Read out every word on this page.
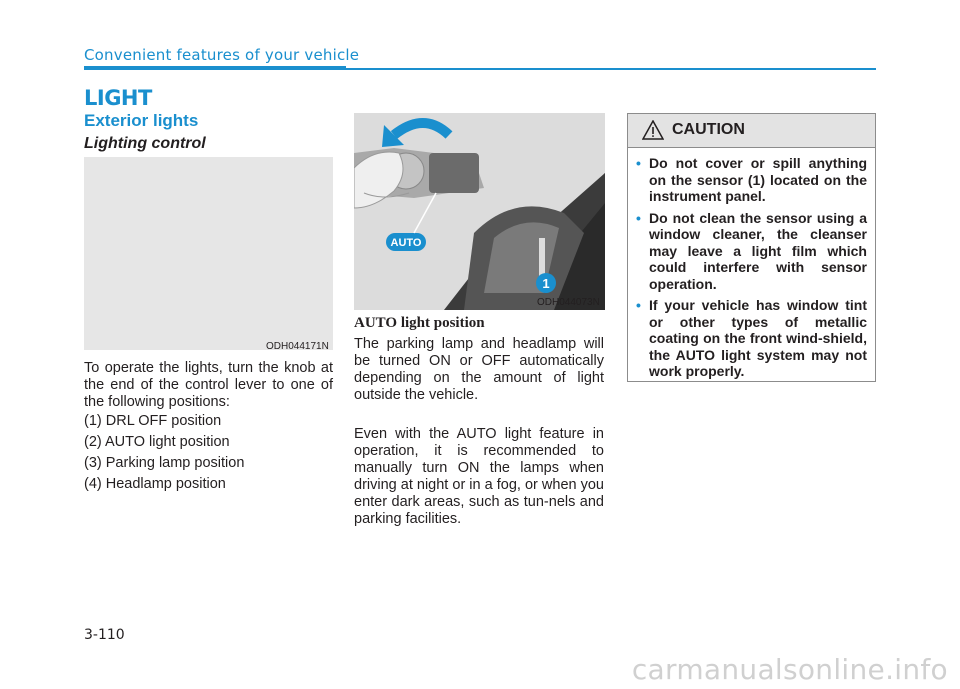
Convenient features of your vehicle
LIGHT
Exterior lights
Lighting control
ODH044171N
To operate the lights, turn the knob at the end of the control lever to one of the following positions:
(1) DRL OFF position
(2) AUTO light position
(3) Parking lamp position
(4) Headlamp position
AUTO
1
ODH044073N
AUTO light position
The parking lamp and headlamp will be turned ON or OFF automatically depending on the amount of light outside the vehicle.
Even with the AUTO light feature in operation, it is recommended to manually turn ON the lamps when driving at night or in a fog, or when you enter dark areas, such as tun-nels and parking facilities.
CAUTION
• Do not cover or spill anything on the sensor (1) located on the instrument panel.
• Do not clean the sensor using a window cleaner, the cleanser may leave a light film which could interfere with sensor operation.
• If your vehicle has window tint or other types of metallic coating on the front wind-shield, the AUTO light system may not work properly.
3-110
carmanualsonline.info
